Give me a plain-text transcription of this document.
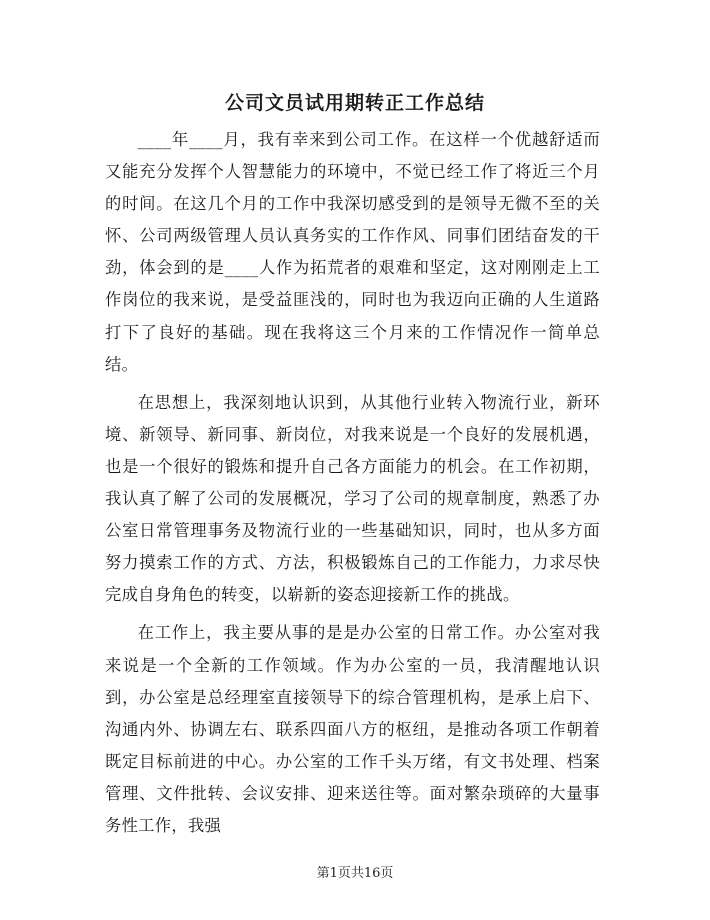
公司文员试用期转正工作总结

____年____月，我有幸来到公司工作。在这样一个优越舒适而又能充分发挥个人智慧能力的环境中，不觉已经工作了将近三个月的时间。在这几个月的工作中我深切感受到的是领导无微不至的关怀、公司两级管理人员认真务实的工作作风、同事们团结奋发的干劲，体会到的是____人作为拓荒者的艰难和坚定，这对刚刚走上工作岗位的我来说，是受益匪浅的，同时也为我迈向正确的人生道路打下了良好的基础。现在我将这三个月来的工作情况作一简单总结。

在思想上，我深刻地认识到，从其他行业转入物流行业，新环境、新领导、新同事、新岗位，对我来说是一个良好的发展机遇，也是一个很好的锻炼和提升自己各方面能力的机会。在工作初期，我认真了解了公司的发展概况，学习了公司的规章制度，熟悉了办公室日常管理事务及物流行业的一些基础知识，同时，也从多方面努力摸索工作的方式、方法，积极锻炼自己的工作能力，力求尽快完成自身角色的转变，以崭新的姿态迎接新工作的挑战。

在工作上，我主要从事的是是办公室的日常工作。办公室对我来说是一个全新的工作领域。作为办公室的一员，我清醒地认识到，办公室是总经理室直接领导下的综合管理机构，是承上启下、沟通内外、协调左右、联系四面八方的枢纽，是推动各项工作朝着既定目标前进的中心。办公室的工作千头万绪，有文书处理、档案管理、文件批转、会议安排、迎来送往等。面对繁杂琐碎的大量事务性工作，我强

第1页共16页
